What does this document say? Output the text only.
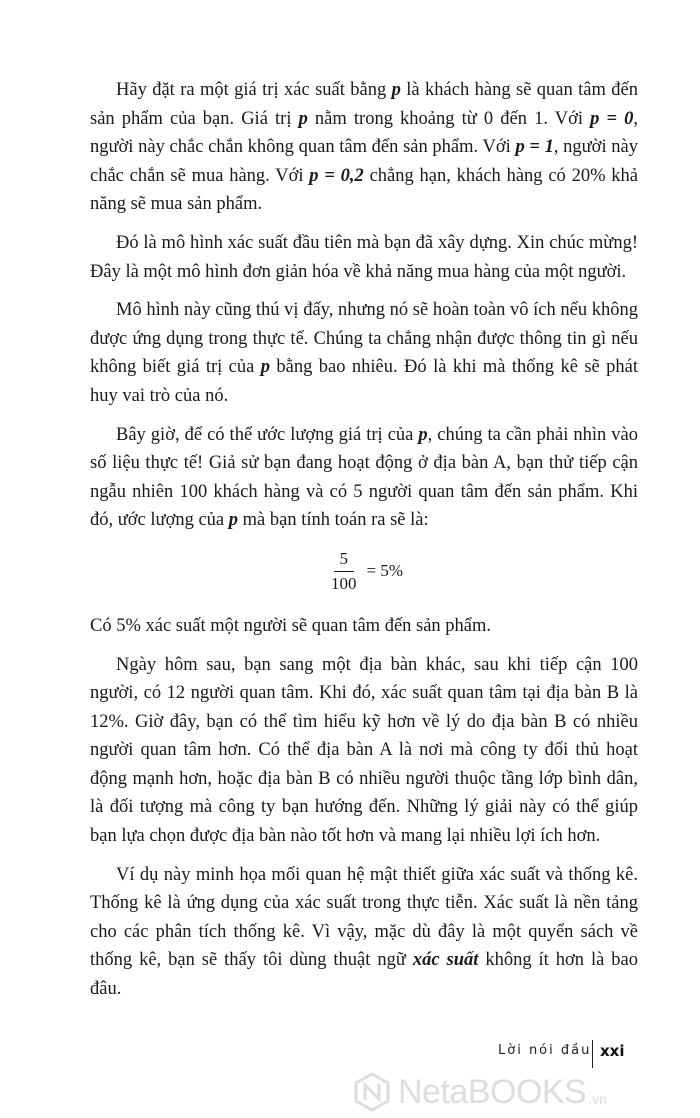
Hãy đặt ra một giá trị xác suất bằng p là khách hàng sẽ quan tâm đến sản phẩm của bạn. Giá trị p nằm trong khoảng từ 0 đến 1. Với p = 0, người này chắc chắn không quan tâm đến sản phẩm. Với p = 1, người này chắc chắn sẽ mua hàng. Với p = 0,2 chẳng hạn, khách hàng có 20% khả năng sẽ mua sản phẩm.

Đó là mô hình xác suất đầu tiên mà bạn đã xây dựng. Xin chúc mừng! Đây là một mô hình đơn giản hóa về khả năng mua hàng của một người.

Mô hình này cũng thú vị đấy, nhưng nó sẽ hoàn toàn vô ích nếu không được ứng dụng trong thực tế. Chúng ta chẳng nhận được thông tin gì nếu không biết giá trị của p bằng bao nhiêu. Đó là khi mà thống kê sẽ phát huy vai trò của nó.

Bây giờ, để có thể ước lượng giá trị của p, chúng ta cần phải nhìn vào số liệu thực tế! Giả sử bạn đang hoạt động ở địa bàn A, bạn thử tiếp cận ngẫu nhiên 100 khách hàng và có 5 người quan tâm đến sản phẩm. Khi đó, ước lượng của p mà bạn tính toán ra sẽ là:

$\frac{5}{100} = 5\%$

Có 5% xác suất một người sẽ quan tâm đến sản phẩm.

Ngày hôm sau, bạn sang một địa bàn khác, sau khi tiếp cận 100 người, có 12 người quan tâm. Khi đó, xác suất quan tâm tại địa bàn B là 12%. Giờ đây, bạn có thể tìm hiểu kỹ hơn về lý do địa bàn B có nhiều người quan tâm hơn. Có thể địa bàn A là nơi mà công ty đối thủ hoạt động mạnh hơn, hoặc địa bàn B có nhiều người thuộc tầng lớp bình dân, là đối tượng mà công ty bạn hướng đến. Những lý giải này có thể giúp bạn lựa chọn được địa bàn nào tốt hơn và mang lại nhiều lợi ích hơn.

Ví dụ này minh họa mối quan hệ mật thiết giữa xác suất và thống kê. Thống kê là ứng dụng của xác suất trong thực tiễn. Xác suất là nền tảng cho các phân tích thống kê. Vì vậy, mặc dù đây là một quyển sách về thống kê, bạn sẽ thấy tôi dùng thuật ngữ xác suất không ít hơn là bao đâu.

Lời nói đầu xxi
NetaBOOKS .vn
